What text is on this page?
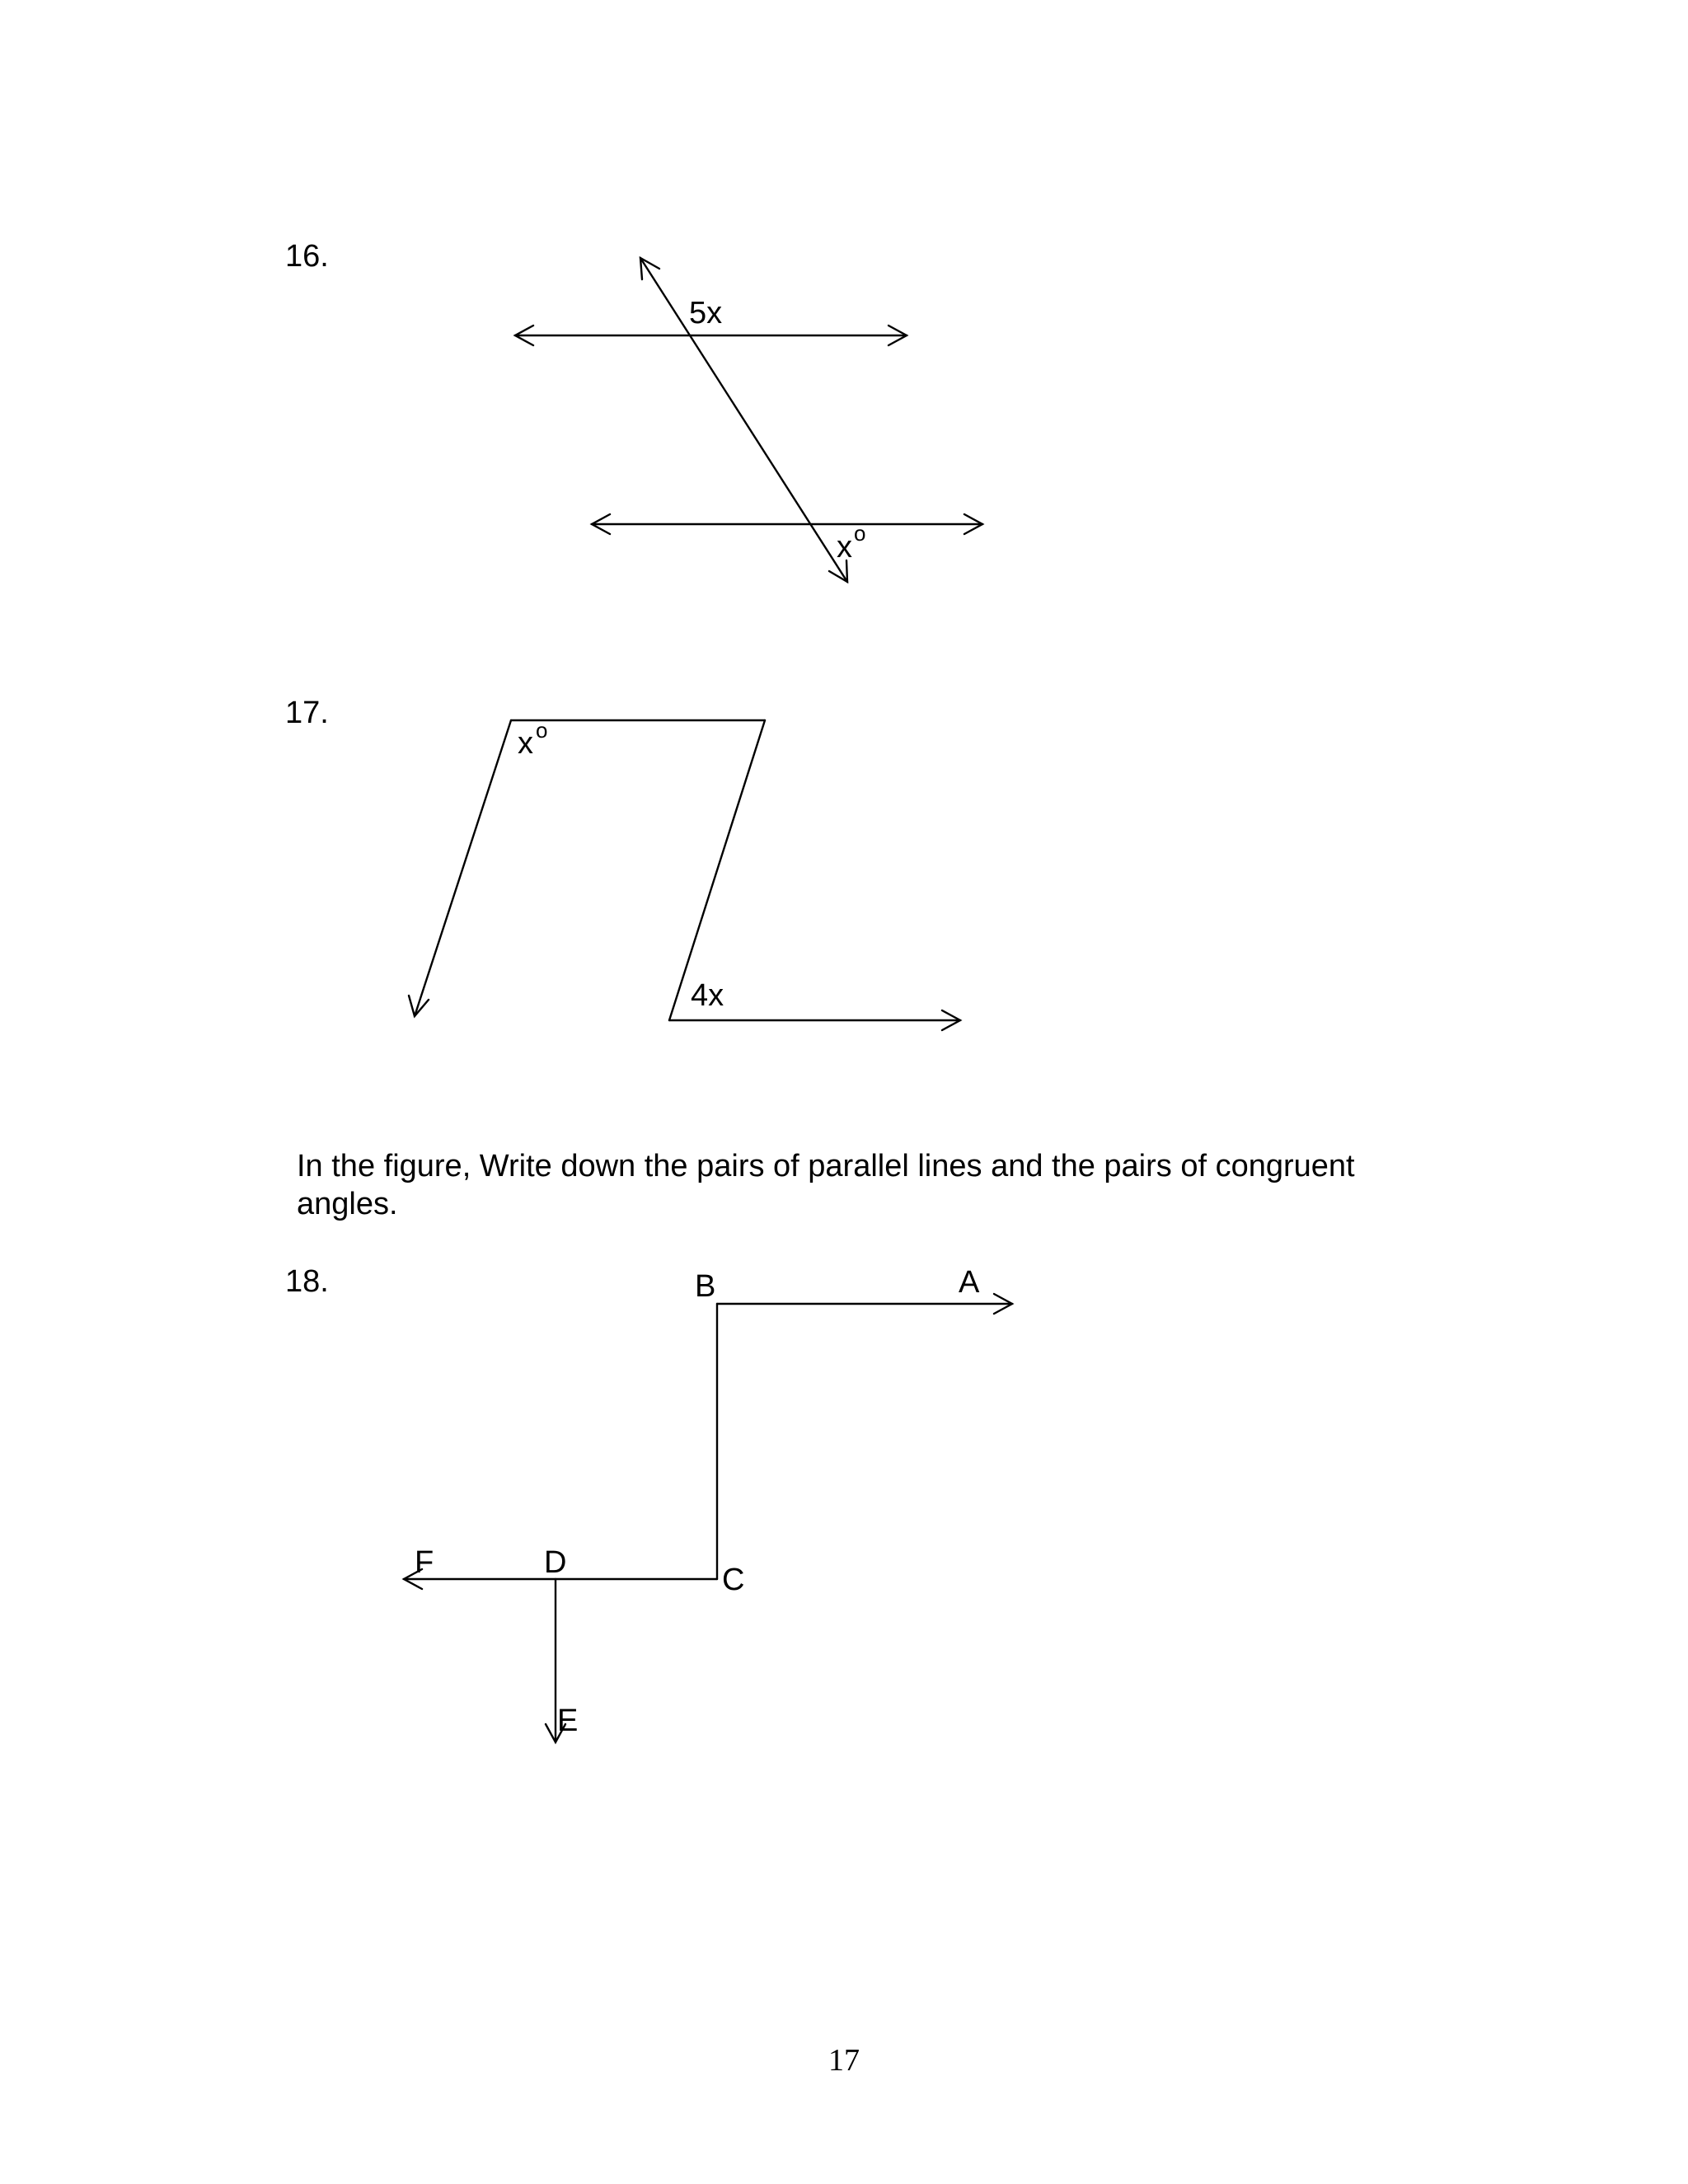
16.
5x
x o
17.
x o
4x
In the figure, Write down the pairs of parallel lines and the pairs of congruent angles.
18.	B	A
C
D
F
E
17
